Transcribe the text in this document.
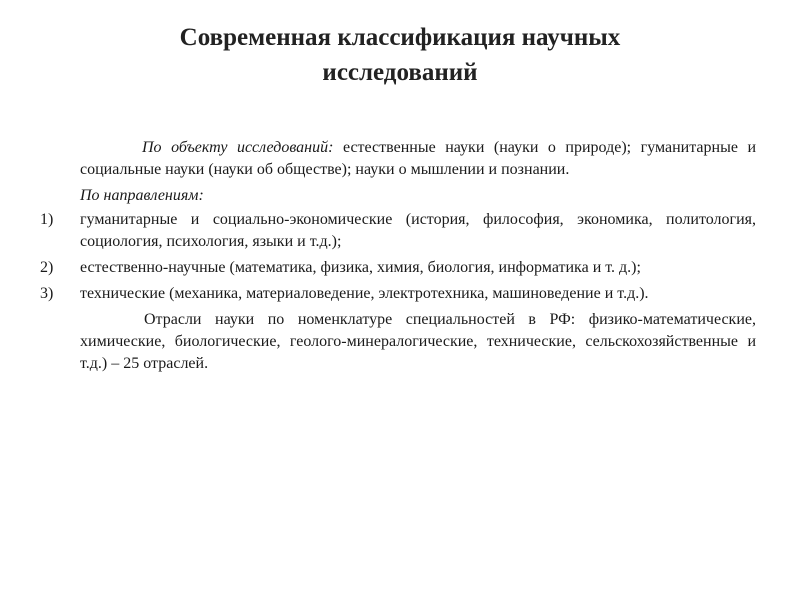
Современная классификация научных исследований

По объекту исследований: естественные науки (науки о природе); гуманитарные и социальные науки (науки об обществе); науки о мышлении и познании.

По направлениям:

1)	гуманитарные и социально-экономические (история, философия, экономика, политология, социология, психология, языки и т.д.);
2)	естественно-научные (математика, физика, химия, биология, информатика и т. д.);
3)	технические (механика, материаловедение, электротехника, машиноведение и т.д.).

Отрасли науки по номенклатуре специальностей в РФ: физико-математические, химические, биологические, геолого-минералогические, технические, сельскохозяйственные и т.д.) – 25 отраслей.
